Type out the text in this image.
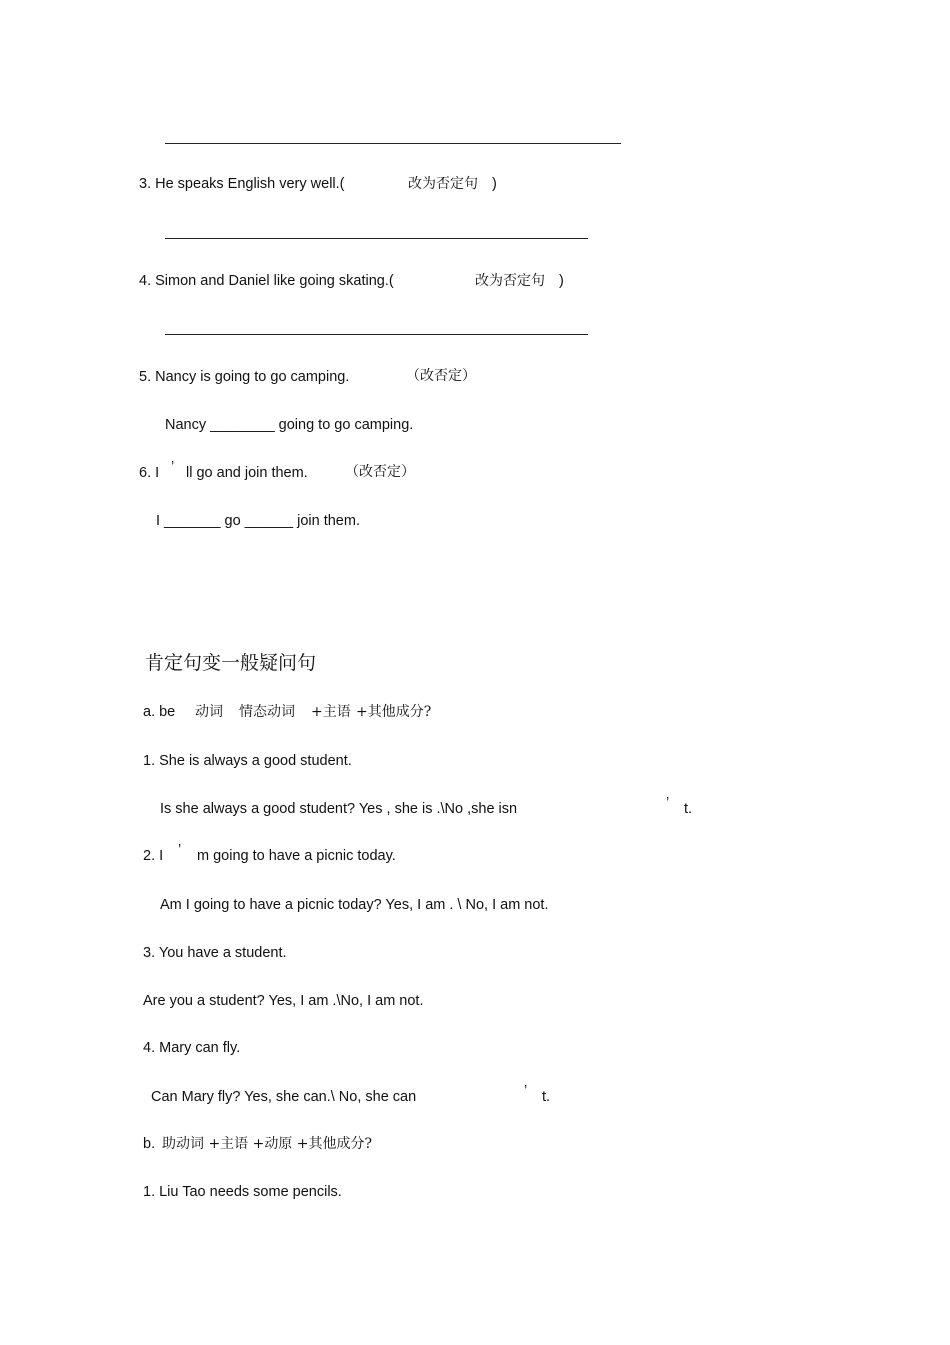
3. He speaks English very well.(	改为否定句 )
4. Simon and Daniel like going skating.(	改为否定句 )
5. Nancy is going to go camping.	（改否定）
Nancy ________ going to go camping.
6. I ’ ll go and join them.	（改否定）
I _______ go ______ join them.
肯定句变一般疑问句
a. be 动词 情态动词 +主语 +其他成分?
1. She is always a good student.
Is she always a good student? Yes , she is .\No ,she isn	’ t.
2. I ’ m going to have a picnic today.
Am I going to have a picnic today? Yes, I am . \ No, I am not.
3. You have a student.
Are you a student? Yes, I am .\No, I am not.
4. Mary can fly.
Can Mary fly? Yes, she can.\ No, she can	’ t.
b. 助动词 +主语 +动原 +其他成分?
1. Liu Tao needs some pencils.
